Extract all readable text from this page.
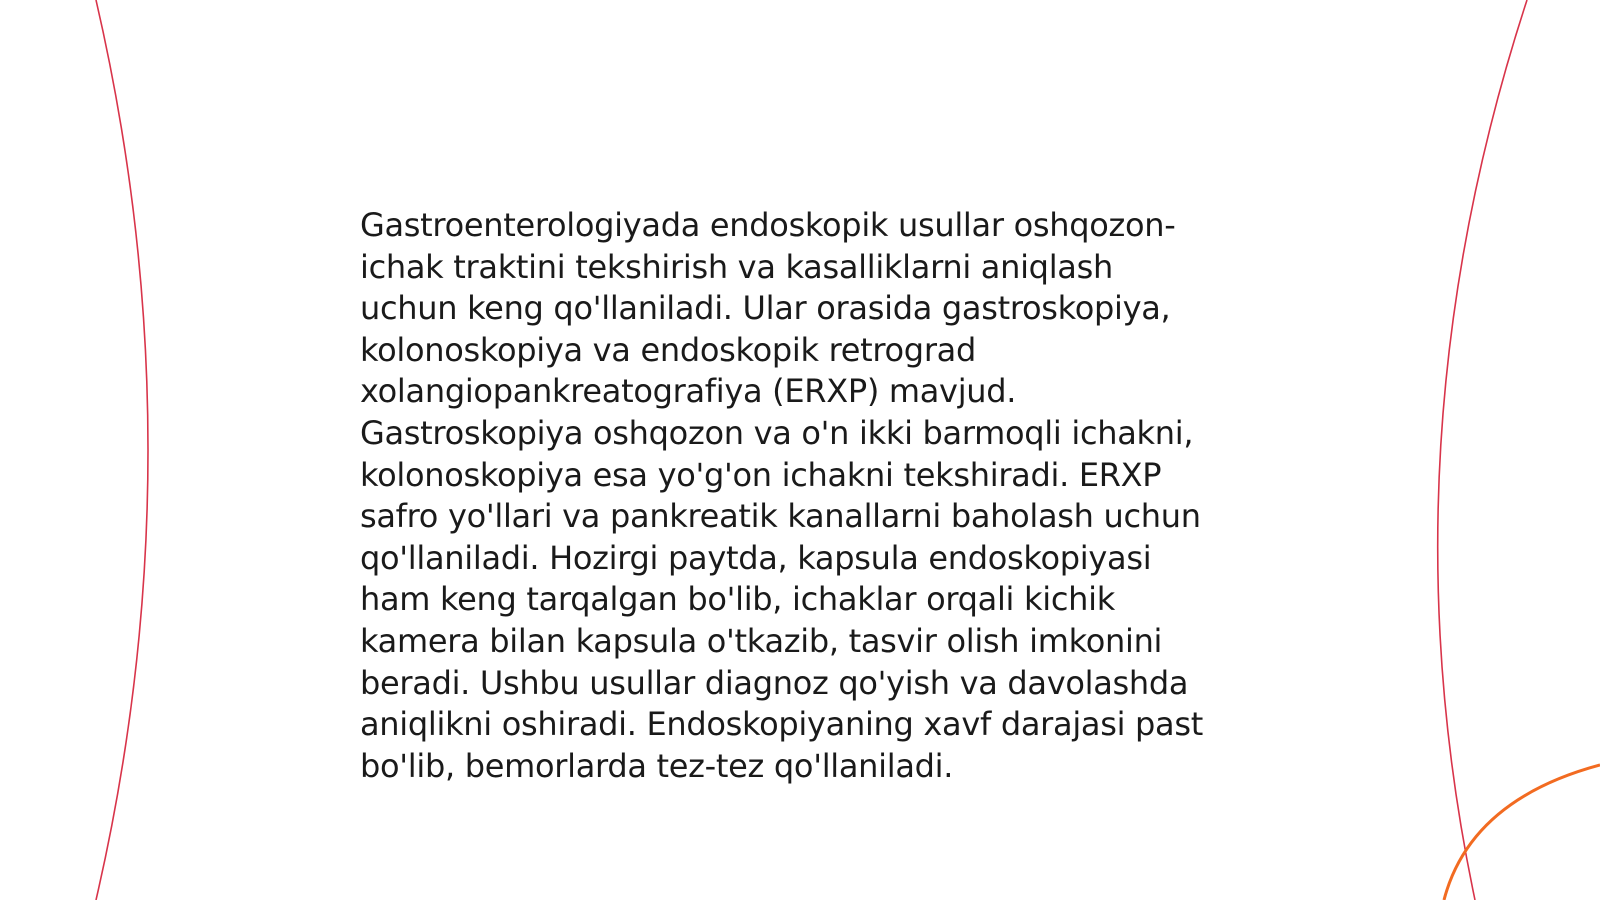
Gastroenterologiyada endoskopik usullar oshqozon-
ichak traktini tekshirish va kasalliklarni aniqlash
uchun keng qo'llaniladi. Ular orasida gastroskopiya,
kolonoskopiya va endoskopik retrograd
xolangiopankreatografiya (ERXP) mavjud.
Gastroskopiya oshqozon va o'n ikki barmoqli ichakni,
kolonoskopiya esa yo'g'on ichakni tekshiradi. ERXP
safro yo'llari va pankreatik kanallarni baholash uchun
qo'llaniladi. Hozirgi paytda, kapsula endoskopiyasi
ham keng tarqalgan bo'lib, ichaklar orqali kichik
kamera bilan kapsula o'tkazib, tasvir olish imkonini
beradi. Ushbu usullar diagnoz qo'yish va davolashda
aniqlikni oshiradi. Endoskopiyaning xavf darajasi past
bo'lib, bemorlarda tez-tez qo'llaniladi.
